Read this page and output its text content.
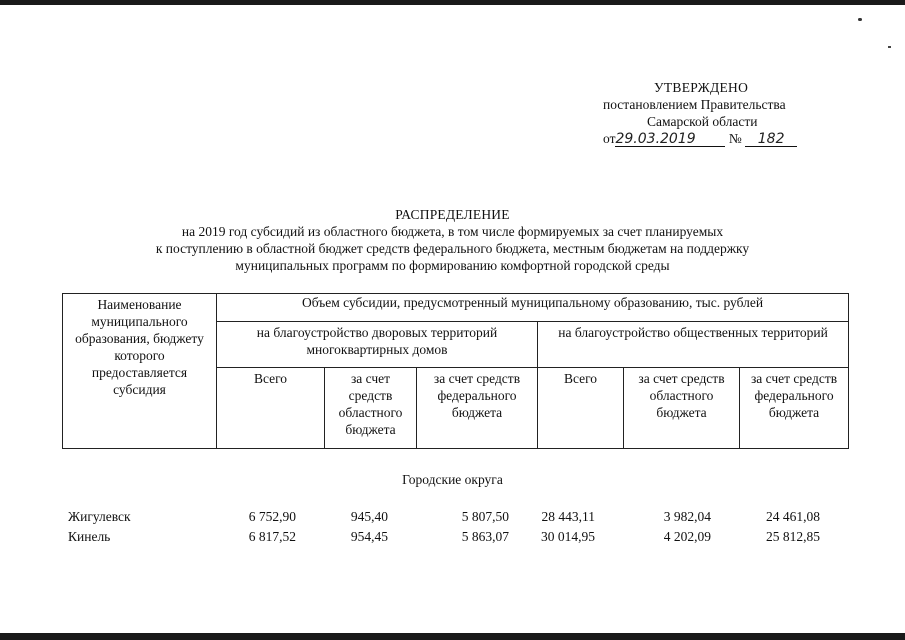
УТВЕРЖДЕНО
постановлением Правительства
Самарской области
от29.03.2019 № 182
РАСПРЕДЕЛЕНИЕ
на 2019 год субсидий из областного бюджета, в том числе формируемых за счет планируемых
к поступлению в областной бюджет средств федерального бюджета, местным бюджетам на поддержку
муниципальных программ по формированию комфортной городской среды
Наименование муниципального образования, бюджету которого предоставляется субсидия	Объем субсидии, предусмотренный муниципальному образованию, тыс. рублей					
	на благоустройство дворовых территорий многоквартирных домов			на благоустройство общественных территорий		
	Всего	за счет средств областного бюджета	за счет средств федерального бюджета	Всего	за счет средств областного бюджета	за счет средств федерального бюджета
Городские округа
Жигулевск	6 752,90	945,40	5 807,50	28 443,11	3 982,04	24 461,08
Кинель	6 817,52	954,45	5 863,07	30 014,95	4 202,09	25 812,85
